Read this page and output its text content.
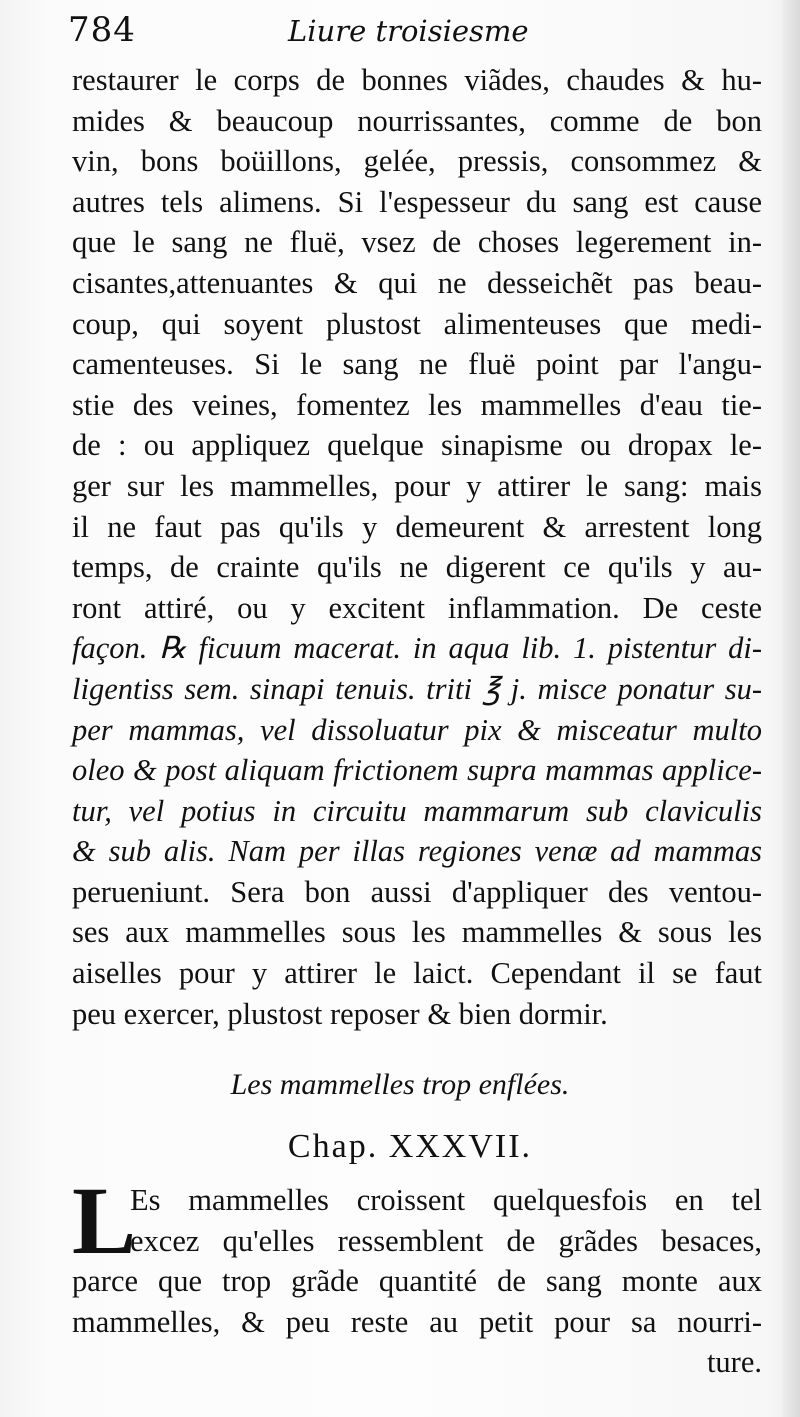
784	Liure troisiesme
restaurer le corps de bonnes viãdes, chaudes & hu-
mides & beaucoup nourrissantes, comme de bon
vin, bons boüillons, gelée, pressis, consommez &
autres tels alimens. Si l'espesseur du sang est cause
que le sang ne fluë, vsez de choses legerement in-
cisantes,attenuantes & qui ne desseichẽt pas beau-
coup, qui soyent plustost alimenteuses que medi-
camenteuses. Si le sang ne fluë point par l'angu-
stie des veines, fomentez les mammelles d'eau tie-
de : ou appliquez quelque sinapisme ou dropax le-
ger sur les mammelles, pour y attirer le sang: mais
il ne faut pas qu'ils y demeurent & arrestent long
temps, de crainte qu'ils ne digerent ce qu'ils y au-
ront attiré, ou y excitent inflammation. De ceste
façon. ℞ ficuum macerat. in aqua lib. 1. pistentur di-
ligentiss sem. sinapi tenuis. triti ℥ j. misce ponatur su-
per mammas, vel dissoluatur pix & misceatur multo
oleo & post aliquam frictionem supra mammas applice-
tur, vel potius in circuitu mammarum sub claviculis
& sub alis. Nam per illas regiones venæ ad mammas
perueniunt. Sera bon aussi d'appliquer des ventou-
ses aux mammelles sous les mammelles & sous les
aiselles pour y attirer le laict. Cependant il se faut
peu exercer, plustost reposer & bien dormir.
Les mammelles trop enflées.
Chap. XXXVII.
L
Es mammelles croissent quelquesfois en tel
excez qu'elles ressemblent de grãdes besaces,
parce que trop grãde quantité de sang monte aux
mammelles, & peu reste au petit pour sa nourri-
ture.
